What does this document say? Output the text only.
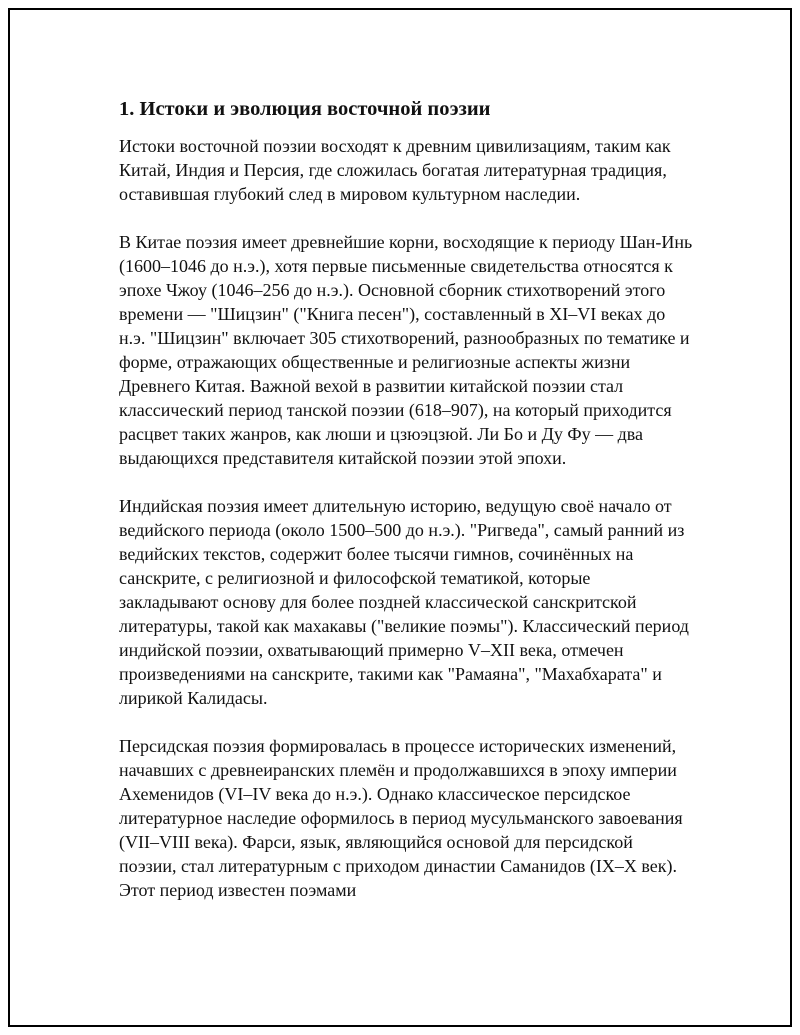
1. Истоки и эволюция восточной поэзии

Истоки восточной поэзии восходят к древним цивилизациям, таким как Китай, Индия и Персия, где сложилась богатая литературная традиция, оставившая глубокий след в мировом культурном наследии.

В Китае поэзия имеет древнейшие корни, восходящие к периоду Шан-Инь (1600–1046 до н.э.), хотя первые письменные свидетельства относятся к эпохе Чжоу (1046–256 до н.э.). Основной сборник стихотворений этого времени — "Шицзин" ("Книга песен"), составленный в XI–VI веках до н.э. "Шицзин" включает 305 стихотворений, разнообразных по тематике и форме, отражающих общественные и религиозные аспекты жизни Древнего Китая. Важной вехой в развитии китайской поэзии стал классический период танской поэзии (618–907), на который приходится расцвет таких жанров, как люши и цзюэцзюй. Ли Бо и Ду Фу — два выдающихся представителя китайской поэзии этой эпохи.

Индийская поэзия имеет длительную историю, ведущую своё начало от ведийского периода (около 1500–500 до н.э.). "Ригведа", самый ранний из ведийских текстов, содержит более тысячи гимнов, сочинённых на санскрите, с религиозной и философской тематикой, которые закладывают основу для более поздней классической санскритской литературы, такой как махакавы ("великие поэмы"). Классический период индийской поэзии, охватывающий примерно V–XII века, отмечен произведениями на санскрите, такими как "Рамаяна", "Махабхарата" и лирикой Калидасы.

Персидская поэзия формировалась в процессе исторических изменений, начавших с древнеиранских племён и продолжавшихся в эпоху империи Ахеменидов (VI–IV века до н.э.). Однако классическое персидское литературное наследие оформилось в период мусульманского завоевания (VII–VIII века). Фарси, язык, являющийся основой для персидской поэзии, стал литературным с приходом династии Саманидов (IX–X век). Этот период известен поэмами
